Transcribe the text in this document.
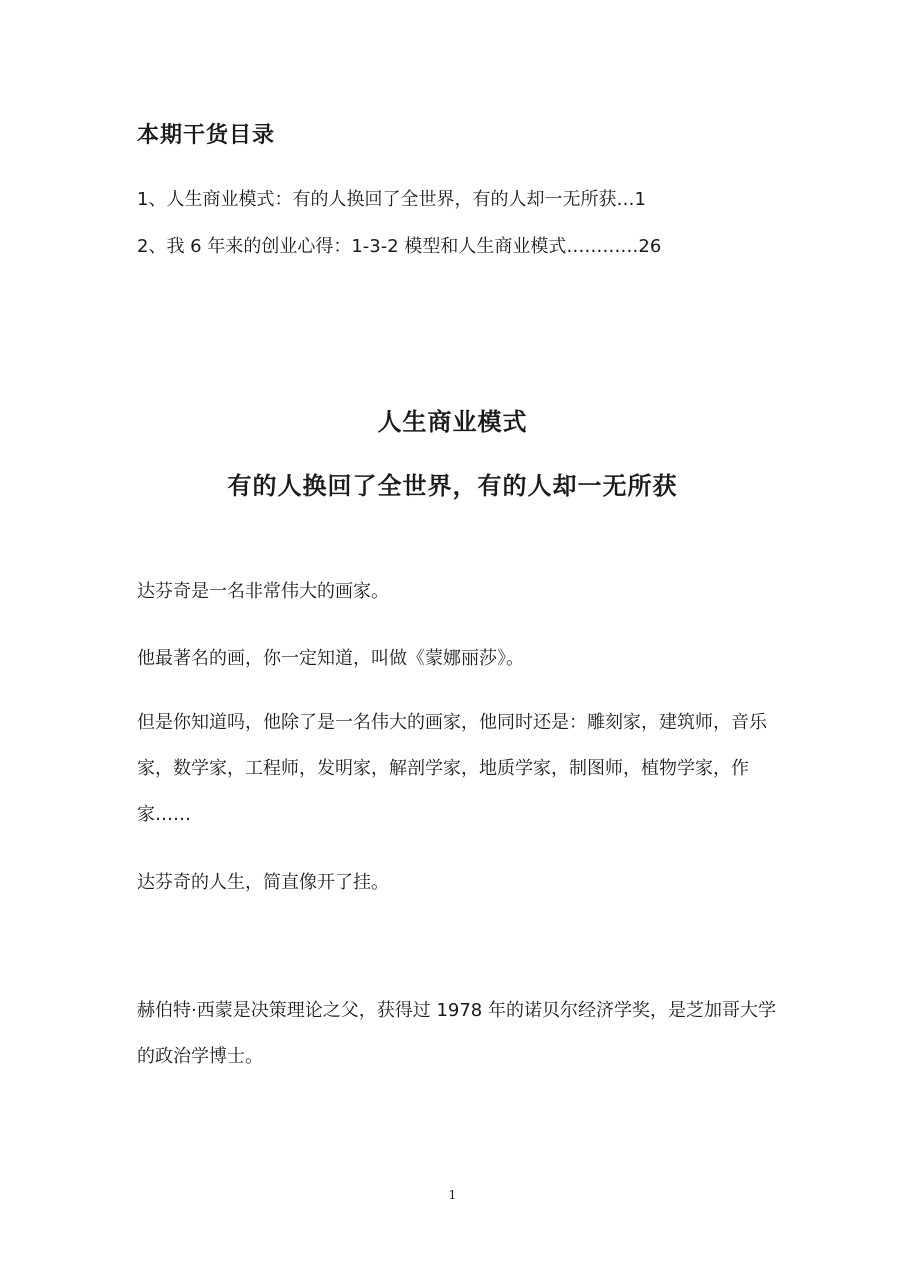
本期干货目录

1、人生商业模式：有的人换回了全世界，有的人却一无所获…1

2、我 6 年来的创业心得：1-3-2 模型和人生商业模式…………26

人生商业模式
有的人换回了全世界，有的人却一无所获

达芬奇是一名非常伟大的画家。

他最著名的画，你一定知道，叫做《蒙娜丽莎》。

但是你知道吗，他除了是一名伟大的画家，他同时还是：雕刻家，建筑师，音乐家，数学家，工程师，发明家，解剖学家，地质学家，制图师，植物学家，作家……

达芬奇的人生，简直像开了挂。

赫伯特·西蒙是决策理论之父，获得过 1978 年的诺贝尔经济学奖，是芝加哥大学的政治学博士。

1
